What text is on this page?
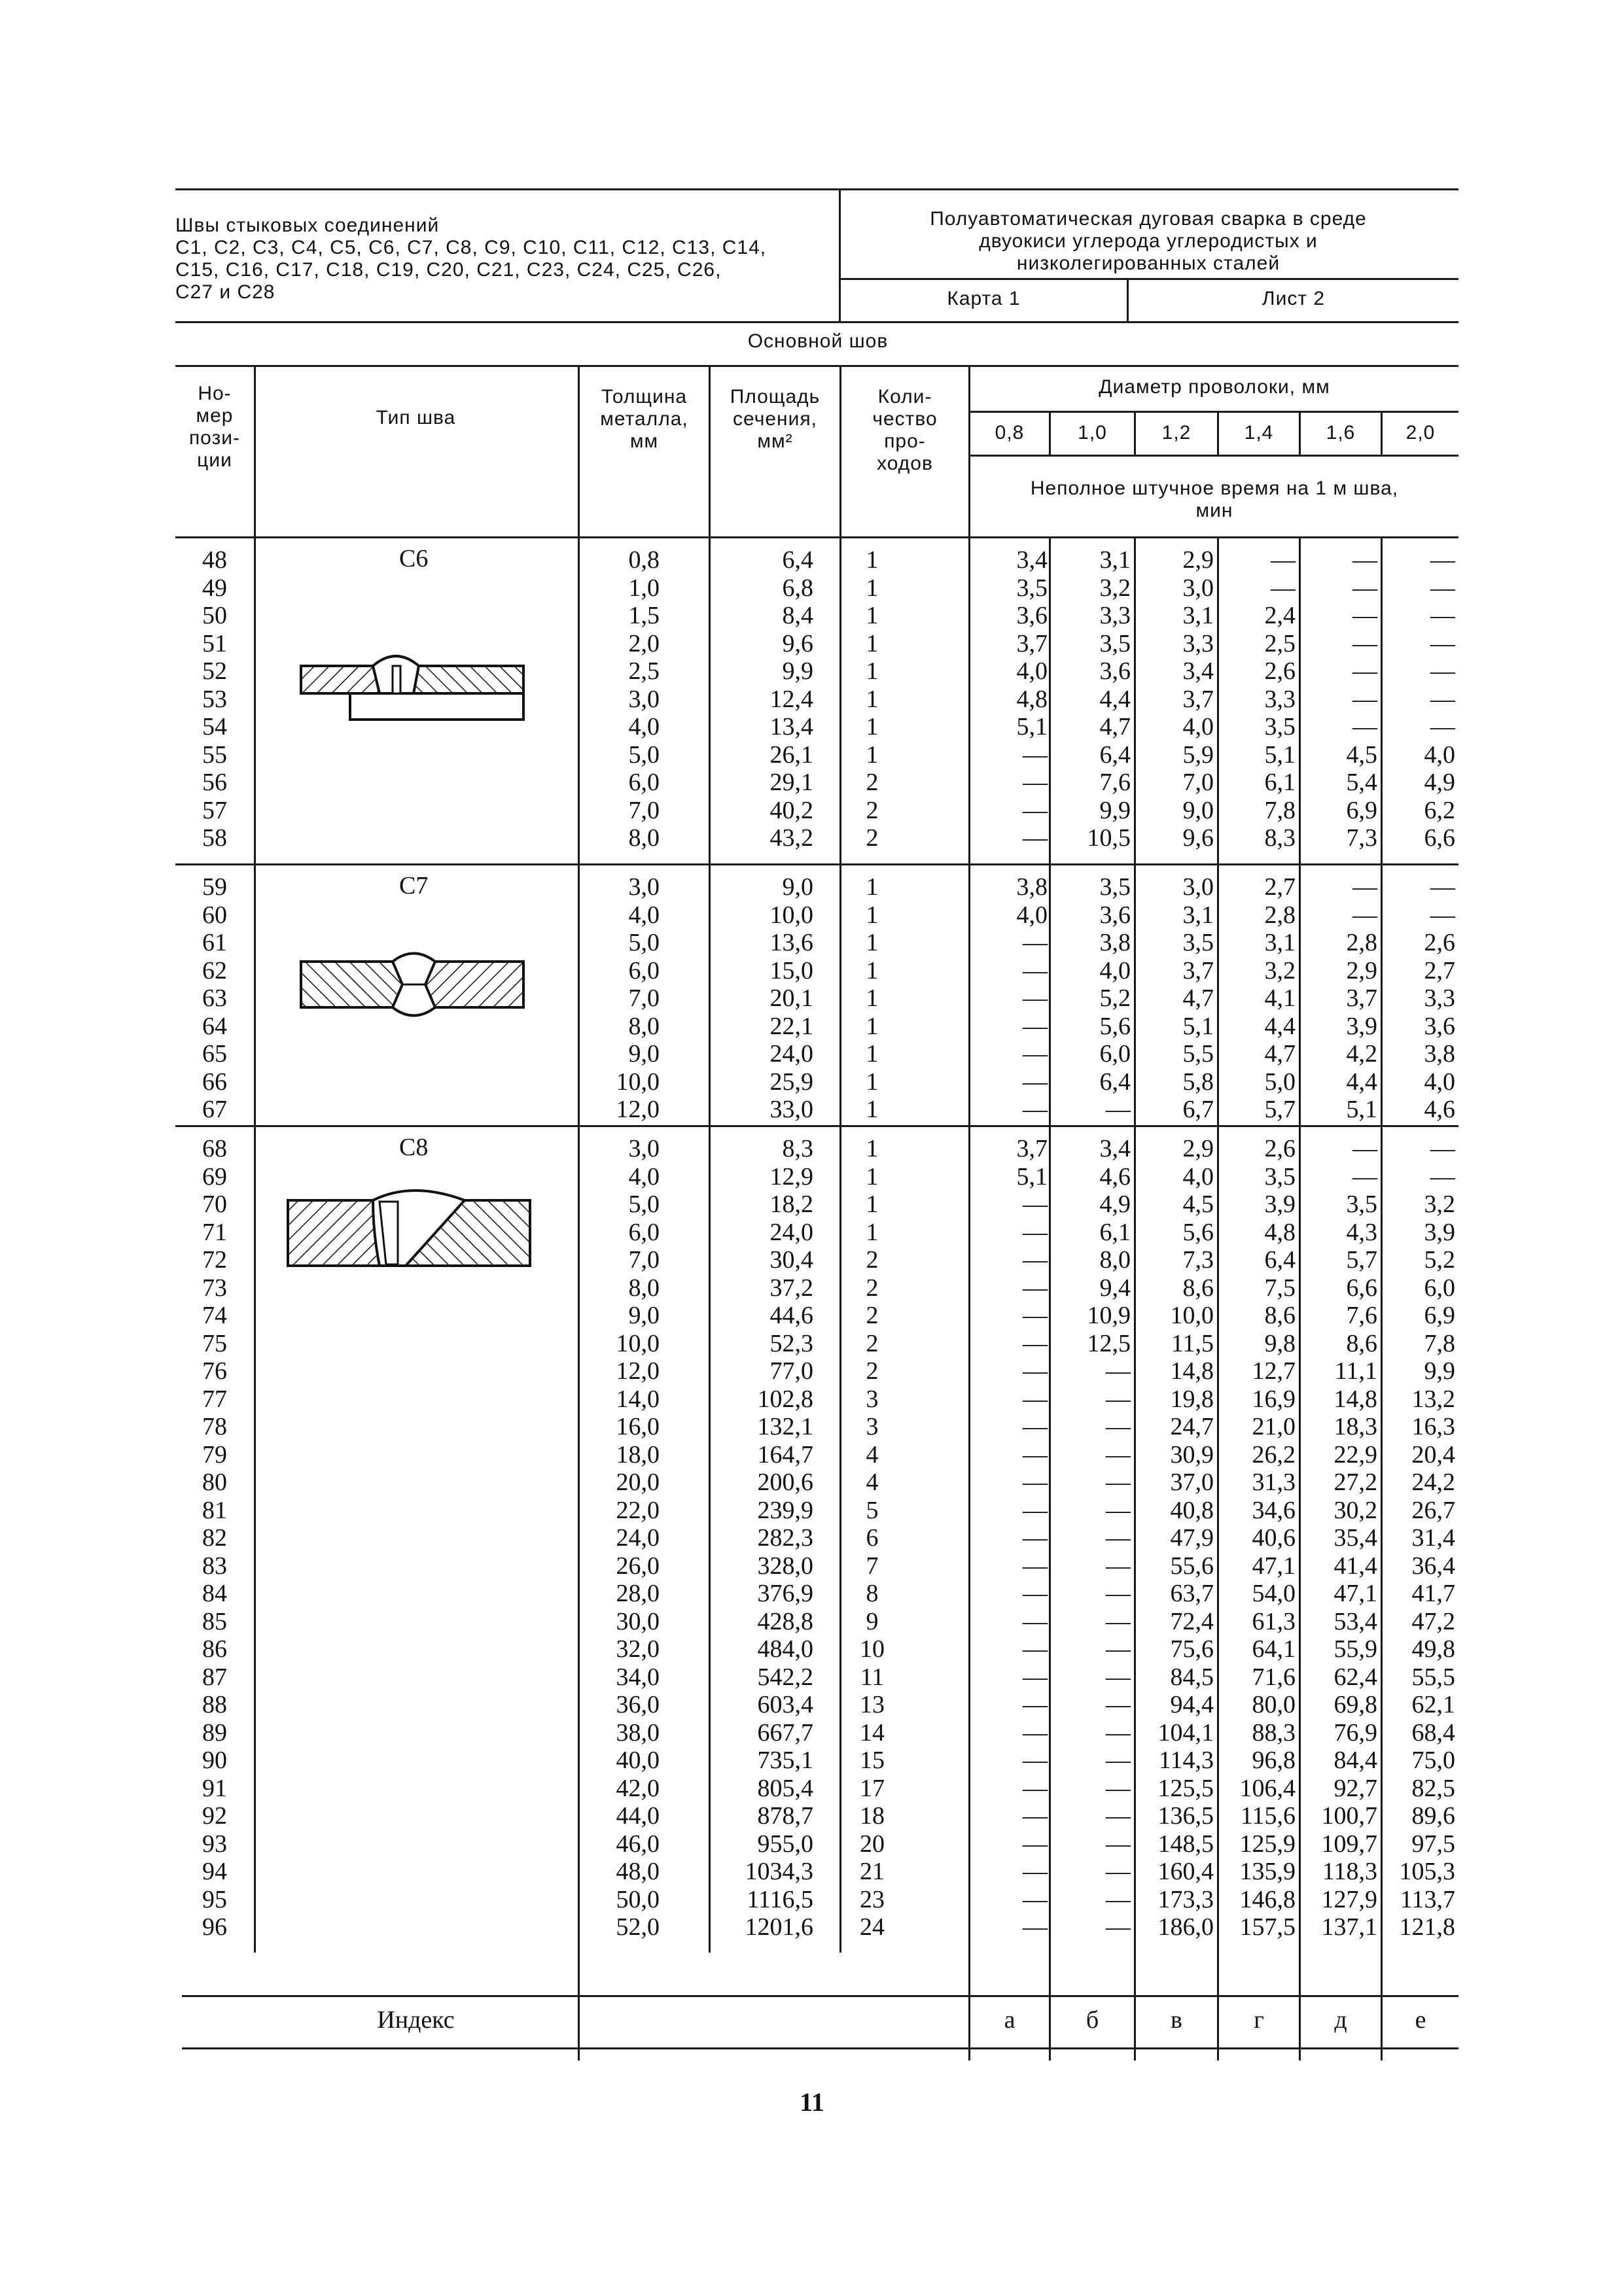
Швы стыковых соединений
С1, С2, С3, С4, С5, С6, С7, С8, С9, С10, С11, С12, С13, С14,
С15, С16, С17, С18, С19, С20, С21, С23, С24, С25, С26,
С27 и С28
Полуавтоматическая дуговая сварка в среде
двуокиси углерода углеродистых и
низколегированных сталей
Карта 1	Лист 2
Основной шов
Но-
мер
пози-
ции
Тип шва
Толщина
металла,
мм
Площадь
сечения,
мм²
Коли-
чество
про-
ходов
Диаметр проволоки, мм
0,8	1,0	1,2	1,4	1,6	2,0
Неполное штучное время на 1 м шва,
мин
С6
С7
С8
48	0,8	6,4	1	3,4	3,1	2,9	—	—	—
49	1,0	6,8	1	3,5	3,2	3,0	—	—	—
50	1,5	8,4	1	3,6	3,3	3,1	2,4	—	—
51	2,0	9,6	1	3,7	3,5	3,3	2,5	—	—
52	2,5	9,9	1	4,0	3,6	3,4	2,6	—	—
53	3,0	12,4	1	4,8	4,4	3,7	3,3	—	—
54	4,0	13,4	1	5,1	4,7	4,0	3,5	—	—
55	5,0	26,1	1	—	6,4	5,9	5,1	4,5	4,0
56	6,0	29,1	2	—	7,6	7,0	6,1	5,4	4,9
57	7,0	40,2	2	—	9,9	9,0	7,8	6,9	6,2
58	8,0	43,2	2	—	10,5	9,6	8,3	7,3	6,6
59	3,0	9,0	1	3,8	3,5	3,0	2,7	—	—
60	4,0	10,0	1	4,0	3,6	3,1	2,8	—	—
61	5,0	13,6	1	—	3,8	3,5	3,1	2,8	2,6
62	6,0	15,0	1	—	4,0	3,7	3,2	2,9	2,7
63	7,0	20,1	1	—	5,2	4,7	4,1	3,7	3,3
64	8,0	22,1	1	—	5,6	5,1	4,4	3,9	3,6
65	9,0	24,0	1	—	6,0	5,5	4,7	4,2	3,8
66	10,0	25,9	1	—	6,4	5,8	5,0	4,4	4,0
67	12,0	33,0	1	—	—	6,7	5,7	5,1	4,6
68	3,0	8,3	1	3,7	3,4	2,9	2,6	—	—
69	4,0	12,9	1	5,1	4,6	4,0	3,5	—	—
70	5,0	18,2	1	—	4,9	4,5	3,9	3,5	3,2
71	6,0	24,0	1	—	6,1	5,6	4,8	4,3	3,9
72	7,0	30,4	2	—	8,0	7,3	6,4	5,7	5,2
73	8,0	37,2	2	—	9,4	8,6	7,5	6,6	6,0
74	9,0	44,6	2	—	10,9	10,0	8,6	7,6	6,9
75	10,0	52,3	2	—	12,5	11,5	9,8	8,6	7,8
76	12,0	77,0	2	—	—	14,8	12,7	11,1	9,9
77	14,0	102,8	3	—	—	19,8	16,9	14,8	13,2
78	16,0	132,1	3	—	—	24,7	21,0	18,3	16,3
79	18,0	164,7	4	—	—	30,9	26,2	22,9	20,4
80	20,0	200,6	4	—	—	37,0	31,3	27,2	24,2
81	22,0	239,9	5	—	—	40,8	34,6	30,2	26,7
82	24,0	282,3	6	—	—	47,9	40,6	35,4	31,4
83	26,0	328,0	7	—	—	55,6	47,1	41,4	36,4
84	28,0	376,9	8	—	—	63,7	54,0	47,1	41,7
85	30,0	428,8	9	—	—	72,4	61,3	53,4	47,2
86	32,0	484,0	10	—	—	75,6	64,1	55,9	49,8
87	34,0	542,2	11	—	—	84,5	71,6	62,4	55,5
88	36,0	603,4	13	—	—	94,4	80,0	69,8	62,1
89	38,0	667,7	14	—	—	104,1	88,3	76,9	68,4
90	40,0	735,1	15	—	—	114,3	96,8	84,4	75,0
91	42,0	805,4	17	—	—	125,5	106,4	92,7	82,5
92	44,0	878,7	18	—	—	136,5	115,6	100,7	89,6
93	46,0	955,0	20	—	—	148,5	125,9	109,7	97,5
94	48,0	1034,3	21	—	—	160,4	135,9	118,3 105,3
95	50,0	1116,5	23	—	—	173,3	146,8	127,9 113,7
96	52,0	1201,6	24	—	—	186,0	157,5	137,1 121,8
Индекс	а	б	в	г	д	е
11
